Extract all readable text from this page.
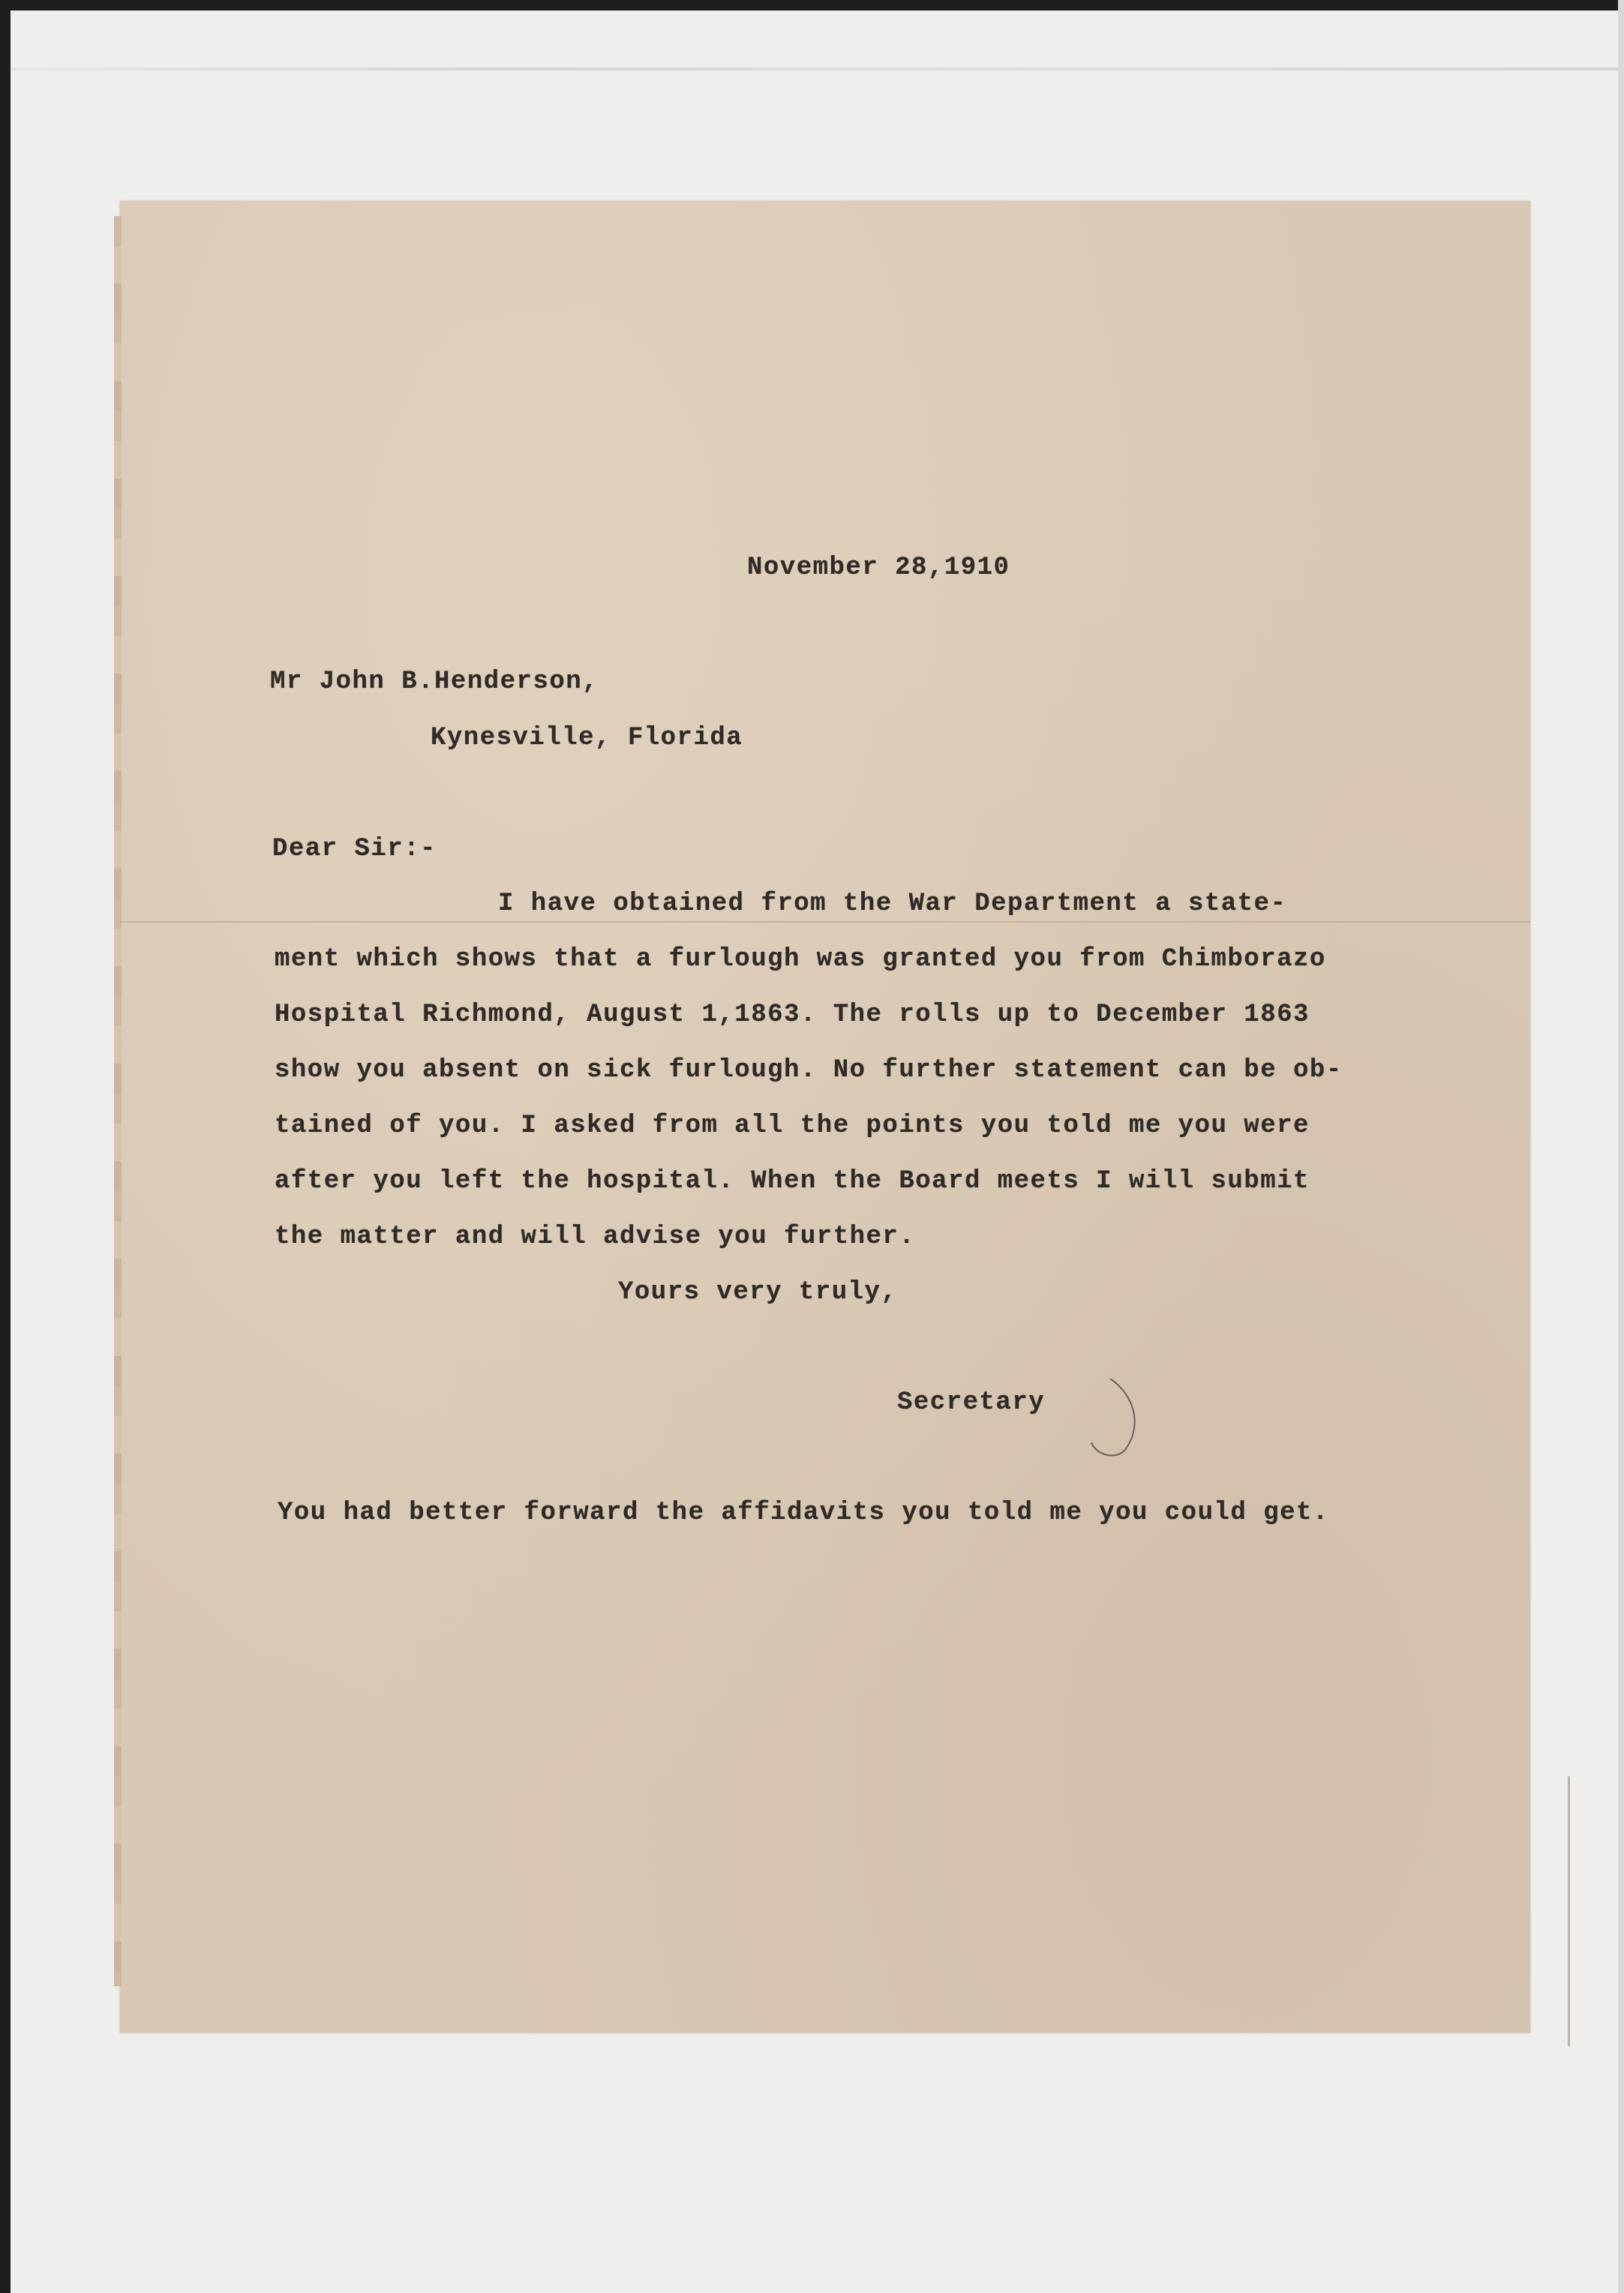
November 28,1910
Mr John B.Henderson,
Kynesville, Florida
Dear Sir:-
I have obtained from the War Department a state-
ment which shows that a furlough was granted you from Chimborazo
Hospital Richmond, August 1,1863. The rolls up to December 1863
show you absent on sick furlough. No further statement can be ob-
tained of you. I asked from all the points you told me you were
after you left the hospital. When the Board meets I will submit
the matter and will advise you further.
Yours very truly,
Secretary
You had better forward the affidavits you told me you could get.
